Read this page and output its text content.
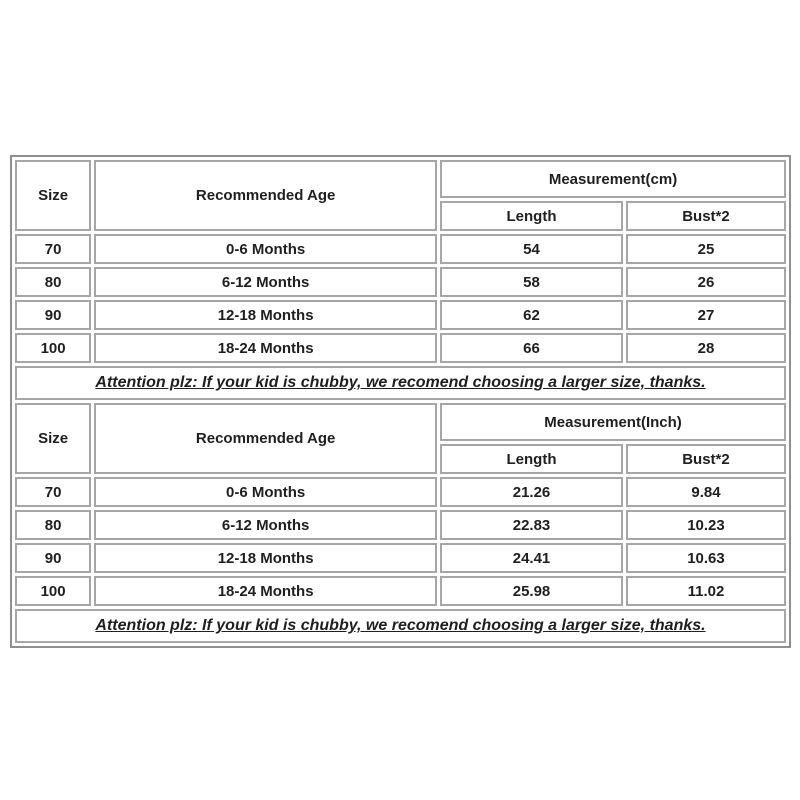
Size	Recommended Age	Measurement(cm)	
		Length	Bust*2
70	0-6 Months	54	25
80	6-12 Months	58	26
90	12-18 Months	62	27
100	18-24 Months	66	28
Attention plz: If your kid is chubby, we recomend choosing a larger size, thanks.			
Size	Recommended Age	Measurement(Inch)	
		Length	Bust*2
70	0-6 Months	21.26	9.84
80	6-12 Months	22.83	10.23
90	12-18 Months	24.41	10.63
100	18-24 Months	25.98	11.02
Attention plz: If your kid is chubby, we recomend choosing a larger size, thanks.			
